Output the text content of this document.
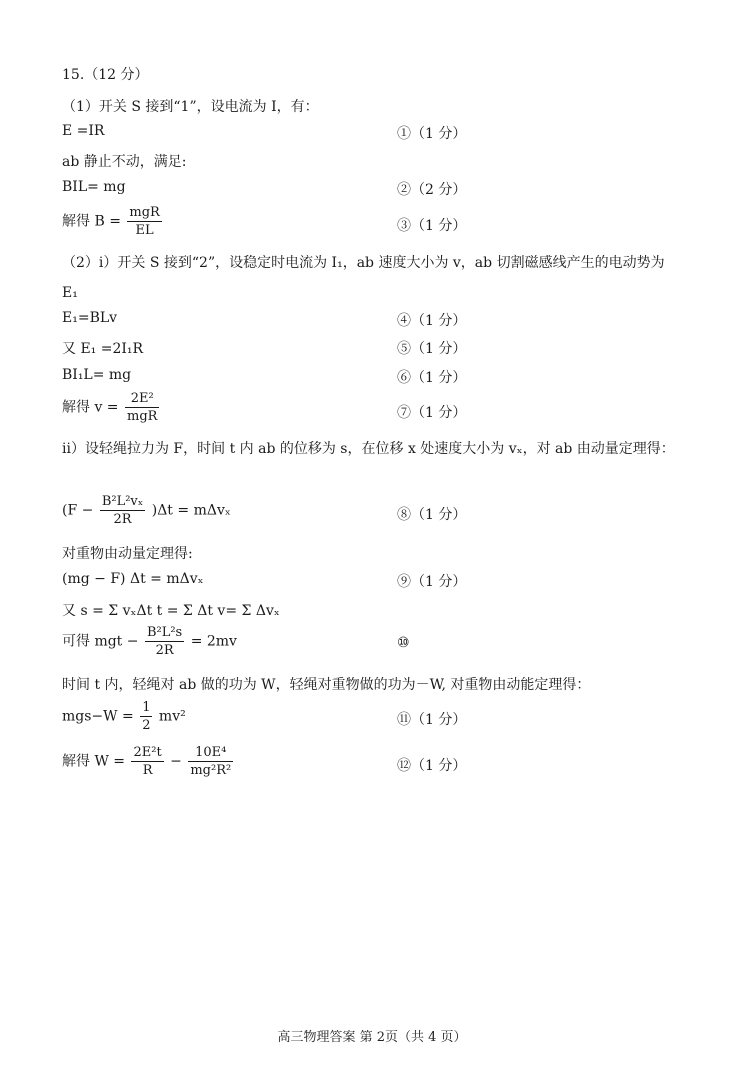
15.（12 分）
（1）开关 S 接到“1”，设电流为 I，有：
E =IR	①（1 分）
ab 静止不动，满足:
BIL= mg	②（2 分）
解得 $B = \frac{\text{mgR}}{EL}$	③（1 分）
（2）i）开关 S 接到“2”，设稳定时电流为 I₁，ab 速度大小为 v，ab 切割磁感线产生的电动势为 E₁
E₁=BLv	④（1 分）
又 E₁ =2I₁R	⑤（1 分）
BI₁L= mg	⑥（1 分）
解得 $v = \frac{\text{2E²}}{\text{mgR}}$	⑦（1 分）
ii）设轻绳拉力为 F，时间 t 内 ab 的位移为 s，在位移 x 处速度大小为 vₓ，对 ab 由动量定理得：
$(F - \frac{\text{B²L²vₓ}}{2R} )\Delta t = m\Delta v_x$	⑧（1 分）
对重物由动量定理得:
(mg − F) Δt = mΔvₓ	⑨（1 分）
又 s = Σ vₓΔt t = Σ Δt v= Σ Δvₓ
可得 mgt − $\frac{\text{B²L²s}}{2R} = 2mv$	⑩
时间 t 内，轻绳对 ab 做的功为 W，轻绳对重物做的功为－W, 对重物由动能定理得：
$mgs-W = \frac{1}{2} mv^2$	⑪（1 分）
解得 $W = \frac{\text{2E²t}}{R} - \frac{\text{10E⁴}}{\text{mg²R²}}$	⑫（1 分）
高三物理答案 第 2页（共 4 页）
